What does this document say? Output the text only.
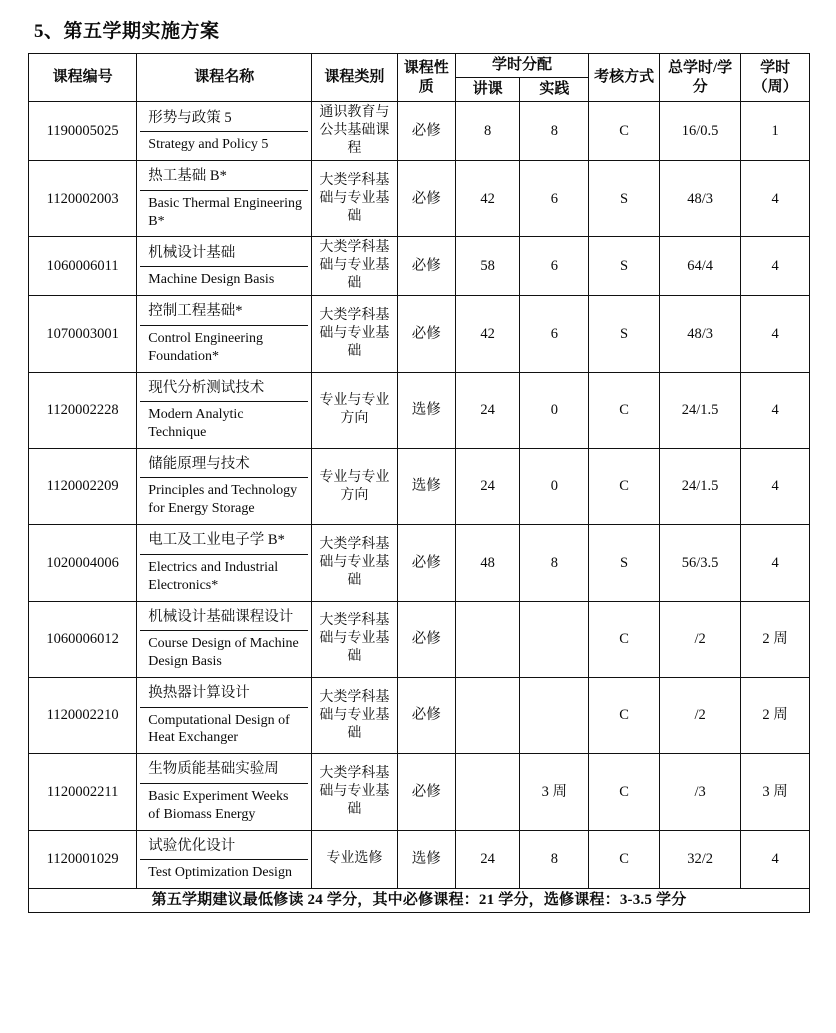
5、第五学期实施方案
课程编号	课程名称	课程类别	课程性质	学时分配		考核方式	总学时/学分	学时（周）
				讲课	实践			
1190005025	形势与政策 5
Strategy and Policy 5	通识教育与公共基础课程	必修	8	8	C	16/0.5	1
1120002003	热工基础 B*
Basic Thermal Engineering B*	大类学科基础与专业基础	必修	42	6	S	48/3	4
1060006011	机械设计基础
Machine Design Basis	大类学科基础与专业基础	必修	58	6	S	64/4	4
1070003001	控制工程基础*
Control Engineering Foundation*	大类学科基础与专业基础	必修	42	6	S	48/3	4
1120002228	现代分析测试技术
Modern Analytic Technique	专业与专业方向	选修	24	0	C	24/1.5	4
1120002209	储能原理与技术
Principles and Technology for Energy Storage	专业与专业方向	选修	24	0	C	24/1.5	4
1020004006	电工及工业电子学 B*
Electrics and Industrial Electronics*	大类学科基础与专业基础	必修	48	8	S	56/3.5	4
1060006012	机械设计基础课程设计
Course Design of Machine Design Basis	大类学科基础与专业基础	必修			C	/2	2 周
1120002210	换热器计算设计
Computational Design of Heat Exchanger	大类学科基础与专业基础	必修			C	/2	2 周
1120002211	生物质能基础实验周
Basic Experiment Weeks of Biomass Energy	大类学科基础与专业基础	必修		3 周	C	/3	3 周
1120001029	试验优化设计
Test Optimization Design	专业选修	选修	24	8	C	32/2	4
第五学期建议最低修读 24 学分，其中必修课程：21 学分，选修课程：3-3.5 学分								
